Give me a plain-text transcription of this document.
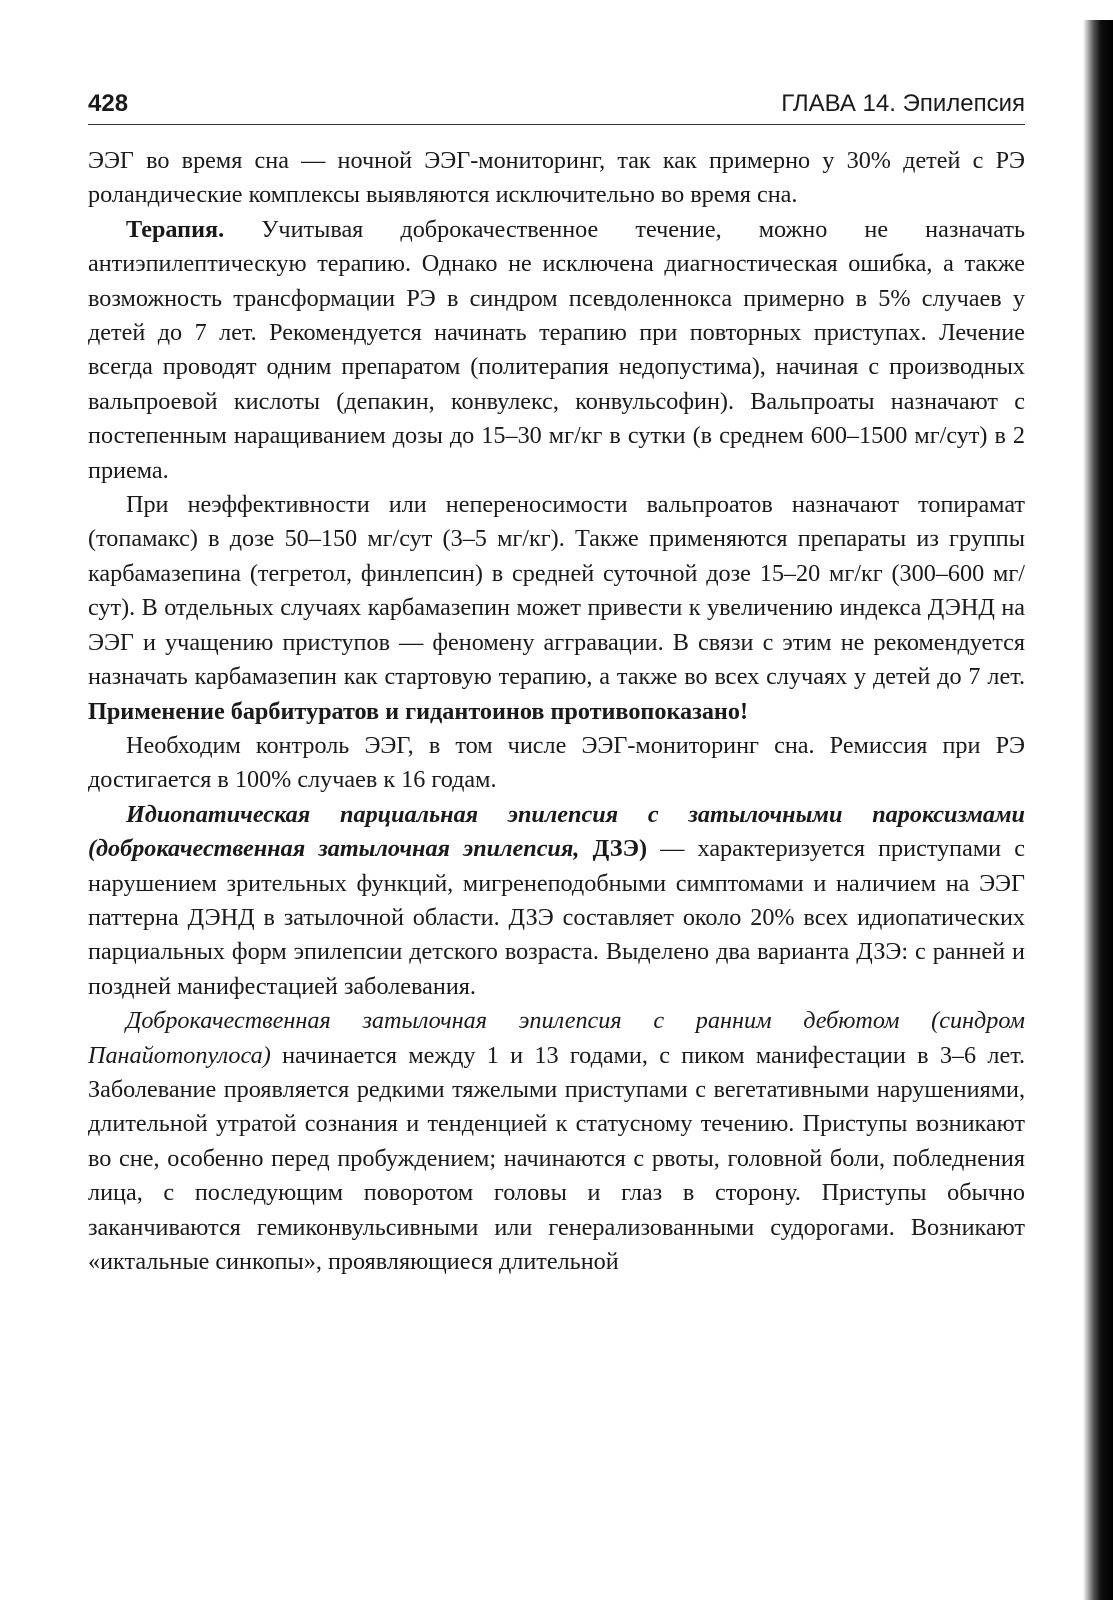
428	ГЛАВА 14. Эпилепсия

ЭЭГ во время сна — ночной ЭЭГ-мониторинг, так как примерно у 30% детей с РЭ роландические комплексы выявляются исключительно во время сна.

Терапия. Учитывая доброкачественное течение, можно не назначать антиэпилептическую терапию. Однако не исключена диагностическая ошибка, а также возможность трансформации РЭ в синдром псевдоленнокса примерно в 5% случаев у детей до 7 лет. Рекомендуется начинать терапию при повторных приступах. Лечение всегда проводят одним препаратом (политерапия недопустима), начиная с производных вальпроевой кислоты (депакин, конвулекс, конвульсофин). Вальпроаты назначают с постепенным наращиванием дозы до 15–30 мг/кг в сутки (в среднем 600–1500 мг/сут) в 2 приема.

При неэффективности или непереносимости вальпроатов назначают топирамат (топамакс) в дозе 50–150 мг/сут (3–5 мг/кг). Также применяются препараты из группы карбамазепина (тегретол, финлепсин) в средней суточной дозе 15–20 мг/кг (300–600 мг/сут). В отдельных случаях карбамазепин может привести к увеличению индекса ДЭНД на ЭЭГ и учащению приступов — феномену аггравации. В связи с этим не рекомендуется назначать карбамазепин как стартовую терапию, а также во всех случаях у детей до 7 лет. Применение барбитуратов и гидантоинов противопоказано!

Необходим контроль ЭЭГ, в том числе ЭЭГ-мониторинг сна. Ремиссия при РЭ достигается в 100% случаев к 16 годам.

Идиопатическая парциальная эпилепсия с затылочными пароксизмами (доброкачественная затылочная эпилепсия, ДЗЭ) — характеризуется приступами с нарушением зрительных функций, мигренеподобными симптомами и наличием на ЭЭГ паттерна ДЭНД в затылочной области. ДЗЭ составляет около 20% всех идиопатических парциальных форм эпилепсии детского возраста. Выделено два варианта ДЗЭ: с ранней и поздней манифестацией заболевания.

Доброкачественная затылочная эпилепсия с ранним дебютом (синдром Панайотопулоса) начинается между 1 и 13 годами, с пиком манифестации в 3–6 лет. Заболевание проявляется редкими тяжелыми приступами с вегетативными нарушениями, длительной утратой сознания и тенденцией к статусному течению. Приступы возникают во сне, особенно перед пробуждением; начинаются с рвоты, головной боли, побледнения лица, с последующим поворотом головы и глаз в сторону. Приступы обычно заканчиваются гемиконвульсивными или генерализованными судорогами. Возникают «иктальные синкопы», проявляющиеся длительной
